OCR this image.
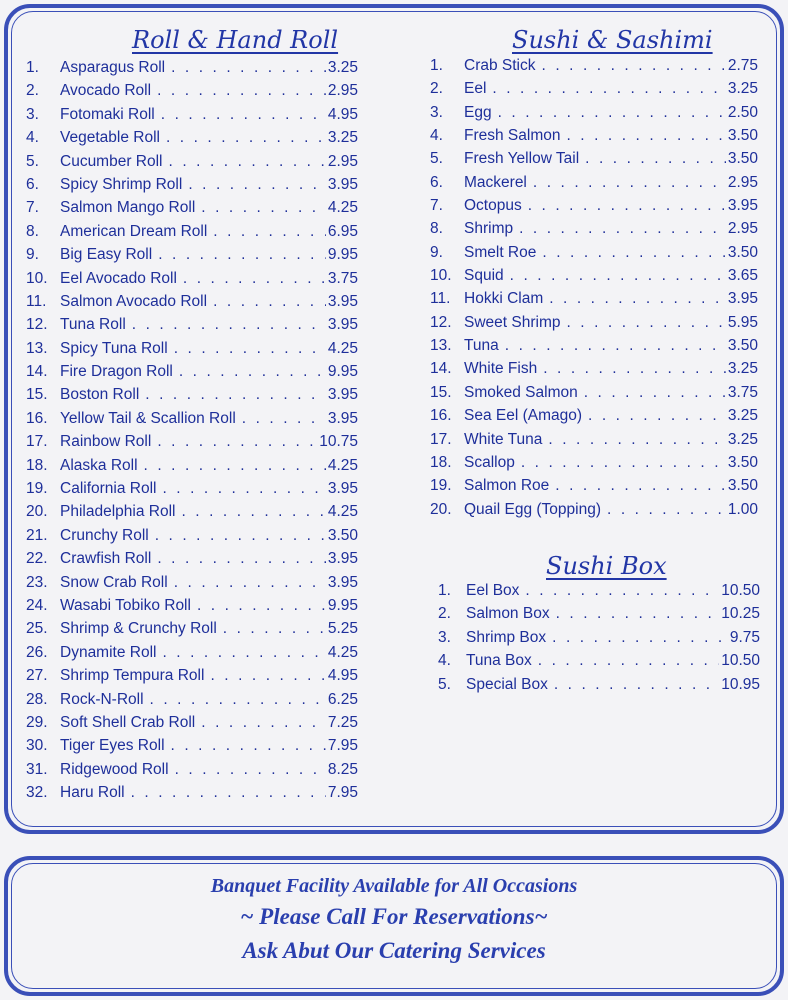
Roll & Hand Roll
1.	Asparagus Roll . . .	3.25
2.	Avocado Roll . . .	2.95
3.	Fotomaki Roll . . .	4.95
4.	Vegetable Roll . . .	3.25
5.	Cucumber Roll . . .	2.95
6.	Spicy Shrimp Roll . . .	3.95
7.	Salmon Mango Roll . . .	4.25
8.	American Dream Roll . . .	6.95
9.	Big Easy Roll . . .	9.95
10. Eel Avocado Roll . . .	3.75
11. Salmon Avocado Roll . . .	3.95
12. Tuna Roll . . .	3.95
13. Spicy Tuna Roll . . .	4.25
14. Fire Dragon Roll . . .	9.95
15. Boston Roll . . .	3.95
16. Yellow Tail & Scallion Roll . . .	3.95
17. Rainbow Roll . . .	10.75
18. Alaska Roll . . .	4.25
19. California Roll . . .	3.95
20. Philadelphia Roll . . .	4.25
21. Crunchy Roll . . .	3.50
22. Crawfish Roll . . .	3.95
23. Snow Crab Roll . . .	3.95
24. Wasabi Tobiko Roll . . .	9.95
25. Shrimp & Crunchy Roll . . .	5.25
26. Dynamite Roll . . .	4.25
27. Shrimp Tempura Roll . . .	4.95
28. Rock-N-Roll . . .	6.25
29. Soft Shell Crab Roll . . .	7.25
30. Tiger Eyes Roll . . .	7.95
31. Ridgewood Roll . . .	8.25
32. Haru Roll . . .	7.95
Sushi & Sashimi
1.	Crab Stick . . .	2.75
2.	Eel . . .	3.25
3.	Egg . . .	2.50
4.	Fresh Salmon . . .	3.50
5.	Fresh Yellow Tail . . .	3.50
6.	Mackerel . . .	2.95
7.	Octopus . . .	3.95
8.	Shrimp . . .	2.95
9.	Smelt Roe . . .	3.50
10. Squid . . .	3.65
11. Hokki Clam . . .	3.95
12. Sweet Shrimp . . .	5.95
13. Tuna . . .	3.50
14. White Fish . . .	3.25
15. Smoked Salmon . . .	3.75
16. Sea Eel (Amago) . . .	3.25
17. White Tuna . . .	3.25
18. Scallop . . .	3.50
19. Salmon Roe . . .	3.50
20. Quail Egg (Topping) . . .	1.00
Sushi Box
1. Eel Box . . .	10.50
2. Salmon Box . . .	10.25
3. Shrimp Box . . .	9.75
4. Tuna Box . . .	10.50
5. Special Box . . .	10.95

Banquet Facility Available for All Occasions

~ Please Call For Reservations~

Ask Abut Our Catering Services
